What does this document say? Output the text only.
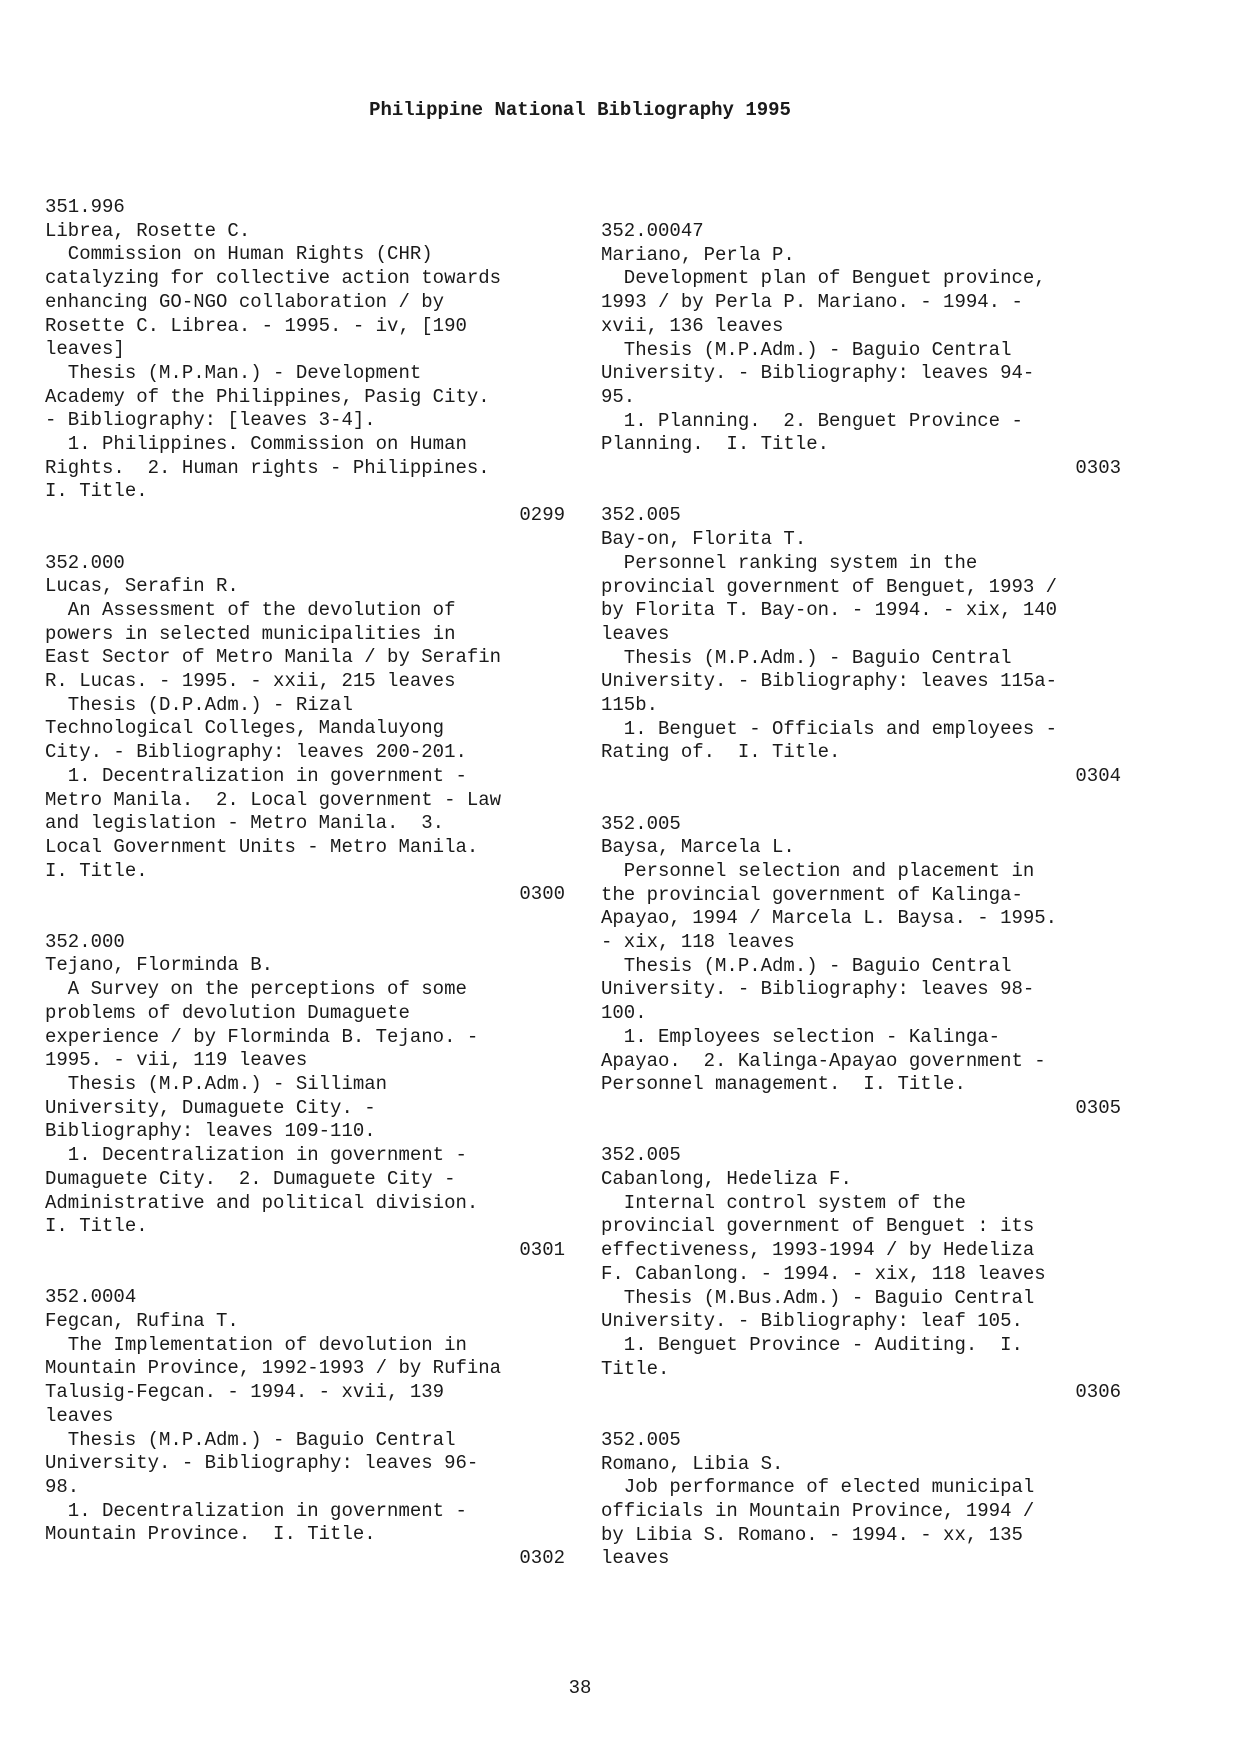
Philippine National Bibliography 1995
351.996
Librea, Rosette C.
Commission on Human Rights (CHR)
catalyzing for collective action towards
enhancing GO-NGO collaboration / by
Rosette C. Librea. - 1995. - iv, [190
leaves]
Thesis (M.P.Man.) - Development
Academy of the Philippines, Pasig City.
- Bibliography: [leaves 3-4].
1. Philippines. Commission on Human
Rights.  2. Human rights - Philippines.
I. Title.
0299
352.000
Lucas, Serafin R.
An Assessment of the devolution of
powers in selected municipalities in
East Sector of Metro Manila / by Serafin
R. Lucas. - 1995. - xxii, 215 leaves
Thesis (D.P.Adm.) - Rizal
Technological Colleges, Mandaluyong
City. - Bibliography: leaves 200-201.
1. Decentralization in government -
Metro Manila.  2. Local government - Law
and legislation - Metro Manila.  3.
Local Government Units - Metro Manila.
I. Title.
0300
352.000
Tejano, Florminda B.
A Survey on the perceptions of some
problems of devolution Dumaguete
experience / by Florminda B. Tejano. -
1995. - vii, 119 leaves
Thesis (M.P.Adm.) - Silliman
University, Dumaguete City. -
Bibliography: leaves 109-110.
1. Decentralization in government -
Dumaguete City.  2. Dumaguete City -
Administrative and political division.
I. Title.
0301
352.0004
Fegcan, Rufina T.
The Implementation of devolution in
Mountain Province, 1992-1993 / by Rufina
Talusig-Fegcan. - 1994. - xvii, 139
leaves
Thesis (M.P.Adm.) - Baguio Central
University. - Bibliography: leaves 96-
98.
1. Decentralization in government -
Mountain Province.  I. Title.
0302
352.00047
Mariano, Perla P.
Development plan of Benguet province,
1993 / by Perla P. Mariano. - 1994. -
xvii, 136 leaves
Thesis (M.P.Adm.) - Baguio Central
University. - Bibliography: leaves 94-
95.
1. Planning.  2. Benguet Province -
Planning.  I. Title.
0303
352.005
Bay-on, Florita T.
Personnel ranking system in the
provincial government of Benguet, 1993 /
by Florita T. Bay-on. - 1994. - xix, 140
leaves
Thesis (M.P.Adm.) - Baguio Central
University. - Bibliography: leaves 115a-
115b.
1. Benguet - Officials and employees -
Rating of.  I. Title.
0304
352.005
Baysa, Marcela L.
Personnel selection and placement in
the provincial government of Kalinga-
Apayao, 1994 / Marcela L. Baysa. - 1995.
- xix, 118 leaves
Thesis (M.P.Adm.) - Baguio Central
University. - Bibliography: leaves 98-
100.
1. Employees selection - Kalinga-
Apayao.  2. Kalinga-Apayao government -
Personnel management.  I. Title.
0305
352.005
Cabanlong, Hedeliza F.
Internal control system of the
provincial government of Benguet : its
effectiveness, 1993-1994 / by Hedeliza
F. Cabanlong. - 1994. - xix, 118 leaves
Thesis (M.Bus.Adm.) - Baguio Central
University. - Bibliography: leaf 105.
1. Benguet Province - Auditing.  I.
Title.
0306
352.005
Romano, Libia S.
Job performance of elected municipal
officials in Mountain Province, 1994 /
by Libia S. Romano. - 1994. - xx, 135
leaves
38
